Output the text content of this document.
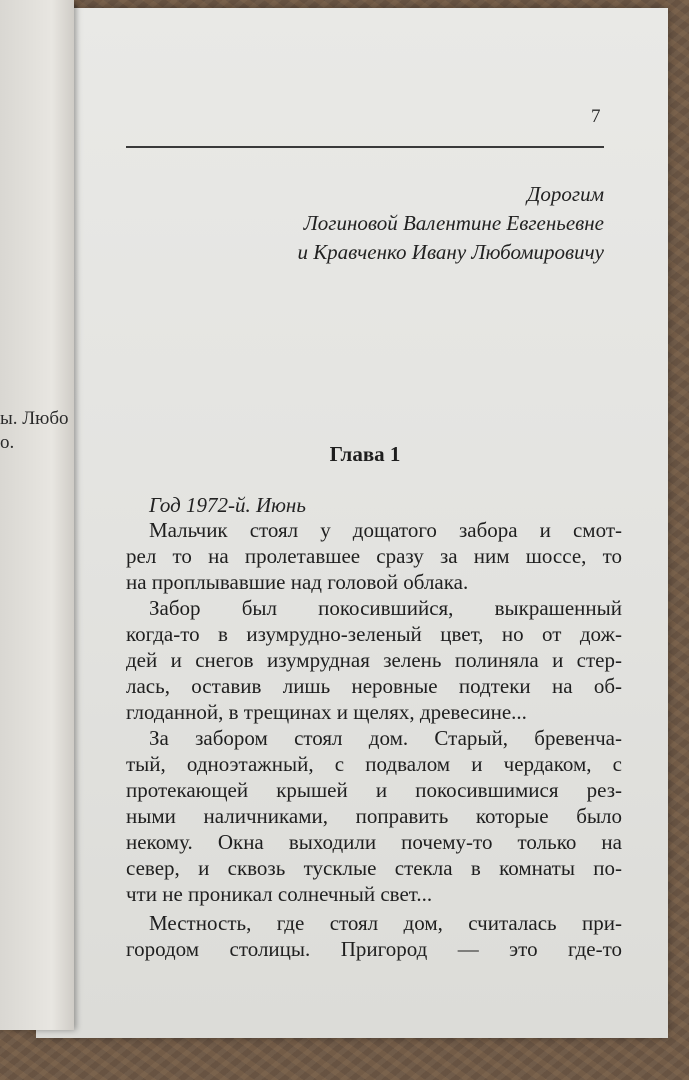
ы. Любо
о.
7
Дорогим
Логиновой Валентине Евгеньевне
и Кравченко Ивану Любомировичу
Глава 1
Год 1972-й. Июнь
Мальчик стоял у дощатого забора и смот-
рел то на пролетавшее сразу за ним шоссе, то
на проплывавшие над головой облака.
Забор был покосившийся, выкрашенный
когда-то в изумрудно-зеленый цвет, но от дож-
дей и снегов изумрудная зелень полиняла и стер-
лась, оставив лишь неровные подтеки на об-
глоданной, в трещинах и щелях, древесине...
За забором стоял дом. Старый, бревенча-
тый, одноэтажный, с подвалом и чердаком, с
протекающей крышей и покосившимися рез-
ными наличниками, поправить которые было
некому. Окна выходили почему-то только на
север, и сквозь тусклые стекла в комнаты по-
чти не проникал солнечный свет...
Местность, где стоял дом, считалась при-
городом столицы. Пригород — это где-то
